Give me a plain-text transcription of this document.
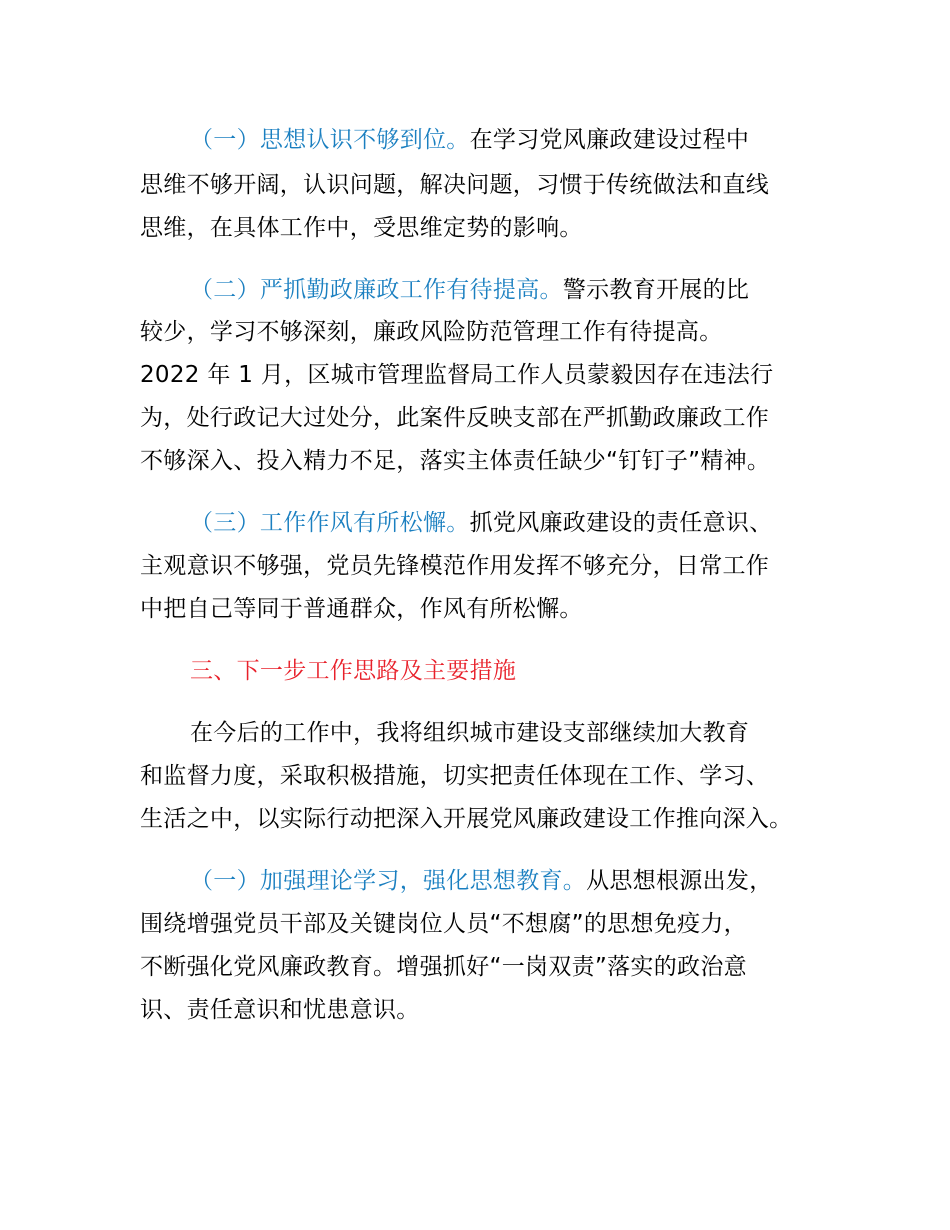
（一）思想认识不够到位。在学习党风廉政建设过程中
思维不够开阔，认识问题，解决问题，习惯于传统做法和直线
思维，在具体工作中，受思维定势的影响。
（二）严抓勤政廉政工作有待提高。警示教育开展的比
较少，学习不够深刻，廉政风险防范管理工作有待提高。
2022 年 1 月，区城市管理监督局工作人员蒙毅因存在违法行
为，处行政记大过处分，此案件反映支部在严抓勤政廉政工作
不够深入、投入精力不足，落实主体责任缺少“钉钉子”精神。
（三）工作作风有所松懈。抓党风廉政建设的责任意识、
主观意识不够强，党员先锋模范作用发挥不够充分，日常工作
中把自己等同于普通群众，作风有所松懈。
三、下一步工作思路及主要措施
在今后的工作中，我将组织城市建设支部继续加大教育
和监督力度，采取积极措施，切实把责任体现在工作、学习、
生活之中，以实际行动把深入开展党风廉政建设工作推向深入。
（一）加强理论学习，强化思想教育。从思想根源出发，
围绕增强党员干部及关键岗位人员“不想腐”的思想免疫力，
不断强化党风廉政教育。增强抓好“一岗双责”落实的政治意
识、责任意识和忧患意识。
